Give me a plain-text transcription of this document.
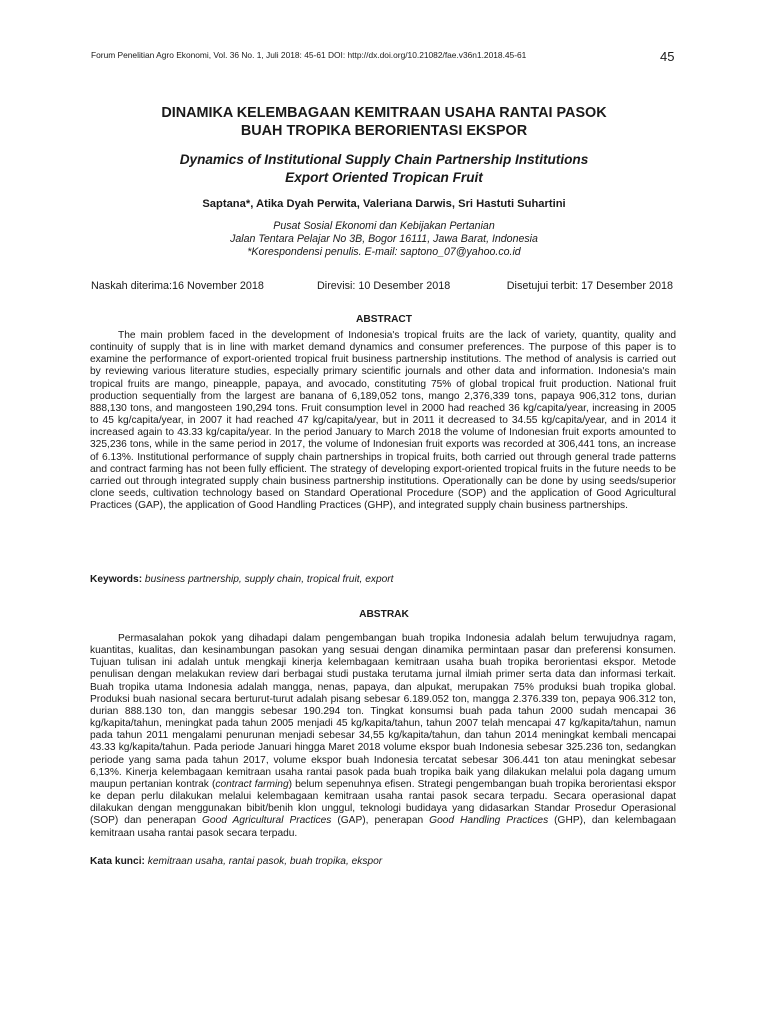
Forum Penelitian Agro Ekonomi, Vol. 36 No. 1, Juli 2018: 45-61 DOI: http://dx.doi.org/10.21082/fae.v36n1.2018.45-61	45
DINAMIKA KELEMBAGAAN KEMITRAAN USAHA RANTAI PASOK
BUAH TROPIKA BERORIENTASI EKSPOR
Dynamics of Institutional Supply Chain Partnership Institutions
Export Oriented Tropican Fruit
Saptana*, Atika Dyah Perwita, Valeriana Darwis, Sri Hastuti Suhartini
Pusat Sosial Ekonomi dan Kebijakan Pertanian
Jalan Tentara Pelajar No 3B, Bogor 16111, Jawa Barat, Indonesia
*Korespondensi penulis. E-mail: saptono_07@yahoo.co.id
Naskah diterima:16 November 2018	Direvisi: 10 Desember 2018	Disetujui terbit: 17 Desember 2018
ABSTRACT
The main problem faced in the development of Indonesia's tropical fruits are the lack of variety, quantity, quality and continuity of supply that is in line with market demand dynamics and consumer preferences. The purpose of this paper is to examine the performance of export-oriented tropical fruit business partnership institutions. The method of analysis is carried out by reviewing various literature studies, especially primary scientific journals and other data and information. Indonesia's main tropical fruits are mango, pineapple, papaya, and avocado, constituting 75% of global tropical fruit production. National fruit production sequentially from the largest are banana of 6,189,052 tons, mango 2,376,339 tons, papaya 906,312 tons, durian 888,130 tons, and mangosteen 190,294 tons. Fruit consumption level in 2000 had reached 36 kg/capita/year, increasing in 2005 to 45 kg/capita/year, in 2007 it had reached 47 kg/capita/year, but in 2011 it decreased to 34.55 kg/capita/year, and in 2014 it increased again to 43.33 kg/capita/year. In the period January to March 2018 the volume of Indonesian fruit exports amounted to 325,236 tons, while in the same period in 2017, the volume of Indonesian fruit exports was recorded at 306,441 tons, an increase of 6.13%. Institutional performance of supply chain partnerships in tropical fruits, both carried out through general trade patterns and contract farming has not been fully efficient. The strategy of developing export-oriented tropical fruits in the future needs to be carried out through integrated supply chain business partnership institutions. Operationally can be done by using seeds/superior clone seeds, cultivation technology based on Standard Operational Procedure (SOP) and the application of Good Agricultural Practices (GAP), the application of Good Handling Practices (GHP), and integrated supply chain business partnerships.
Keywords: business partnership, supply chain, tropical fruit, export
ABSTRAK
Permasalahan pokok yang dihadapi dalam pengembangan buah tropika Indonesia adalah belum terwujudnya ragam, kuantitas, kualitas, dan kesinambungan pasokan yang sesuai dengan dinamika permintaan pasar dan preferensi konsumen. Tujuan tulisan ini adalah untuk mengkaji kinerja kelembagaan kemitraan usaha buah tropika berorientasi ekspor. Metode penulisan dengan melakukan review dari berbagai studi pustaka terutama jurnal ilmiah primer serta data dan informasi terkait. Buah tropika utama Indonesia adalah mangga, nenas, papaya, dan alpukat, merupakan 75% produksi buah tropika global. Produksi buah nasional secara berturut-turut adalah pisang sebesar 6.189.052 ton, mangga 2.376.339 ton, pepaya 906.312 ton, durian 888.130 ton, dan manggis sebesar 190.294 ton. Tingkat konsumsi buah pada tahun 2000 sudah mencapai 36 kg/kapita/tahun, meningkat pada tahun 2005 menjadi 45 kg/kapita/tahun, tahun 2007 telah mencapai 47 kg/kapita/tahun, namun pada tahun 2011 mengalami penurunan menjadi sebesar 34,55 kg/kapita/tahun, dan tahun 2014 meningkat kembali mencapai 43.33 kg/kapita/tahun. Pada periode Januari hingga Maret 2018 volume ekspor buah Indonesia sebesar 325.236 ton, sedangkan periode yang sama pada tahun 2017, volume ekspor buah Indonesia tercatat sebesar 306.441 ton atau meningkat sebesar 6,13%. Kinerja kelembagaan kemitraan usaha rantai pasok pada buah tropika baik yang dilakukan melalui pola dagang umum maupun pertanian kontrak (contract farming) belum sepenuhnya efisen. Strategi pengembangan buah tropika berorientasi ekspor ke depan perlu dilakukan melalui kelembagaan kemitraan usaha rantai pasok secara terpadu. Secara operasional dapat dilakukan dengan menggunakan bibit/benih klon unggul, teknologi budidaya yang didasarkan Standar Prosedur Operasional (SOP) dan penerapan Good Agricultural Practices (GAP), penerapan Good Handling Practices (GHP), dan kelembagaan kemitraan usaha rantai pasok secara terpadu.
Kata kunci: kemitraan usaha, rantai pasok, buah tropika, ekspor
